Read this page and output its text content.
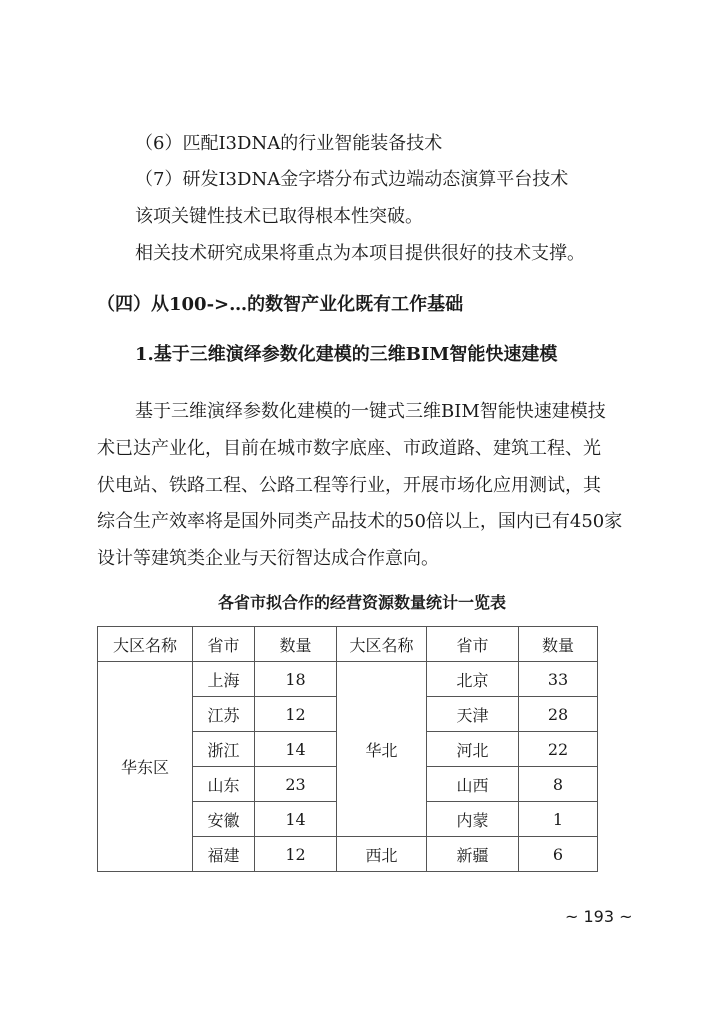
（6）匹配I3DNA的行业智能装备技术
（7）研发I3DNA金字塔分布式边端动态演算平台技术
该项关键性技术已取得根本性突破。
相关技术研究成果将重点为本项目提供很好的技术支撑。
（四）从100->…的数智产业化既有工作基础
1.基于三维演绎参数化建模的三维BIM智能快速建模
基于三维演绎参数化建模的一键式三维BIM智能快速建模技
术已达产业化，目前在城市数字底座、市政道路、建筑工程、光
伏电站、铁路工程、公路工程等行业，开展市场化应用测试，其
综合生产效率将是国外同类产品技术的50倍以上，国内已有450家
设计等建筑类企业与天衍智达成合作意向。
各省市拟合作的经营资源数量统计一览表
大区名称	省市	数量	大区名称	省市	数量
华东区	上海	18	华北	北京	33
	江苏	12		天津	28
	浙江	14		河北	22
	山东	23		山西	8
	安徽	14		内蒙	1
	福建	12	西北	新疆	6
~ 193 ~
